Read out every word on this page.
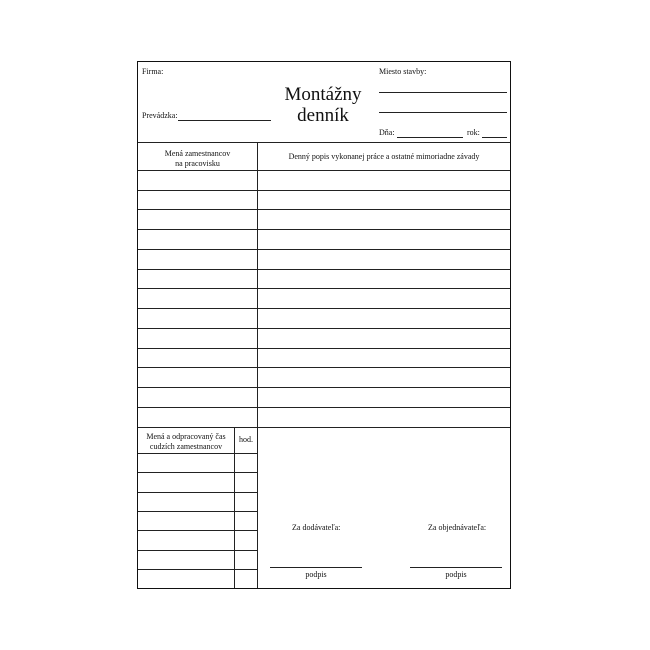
Firma:
Prevádzka:
Montážny
denník
Miesto stavby:
Dňa:	rok:
Mená zamestnancov
na pracovisku
Denný popis vykonanej práce a ostatné mimoriadne závady
Mená a odpracovaný čas
cudzích zamestnancov
hod.
Za dodávateľa:	Za objednávateľa:
podpis	podpis
